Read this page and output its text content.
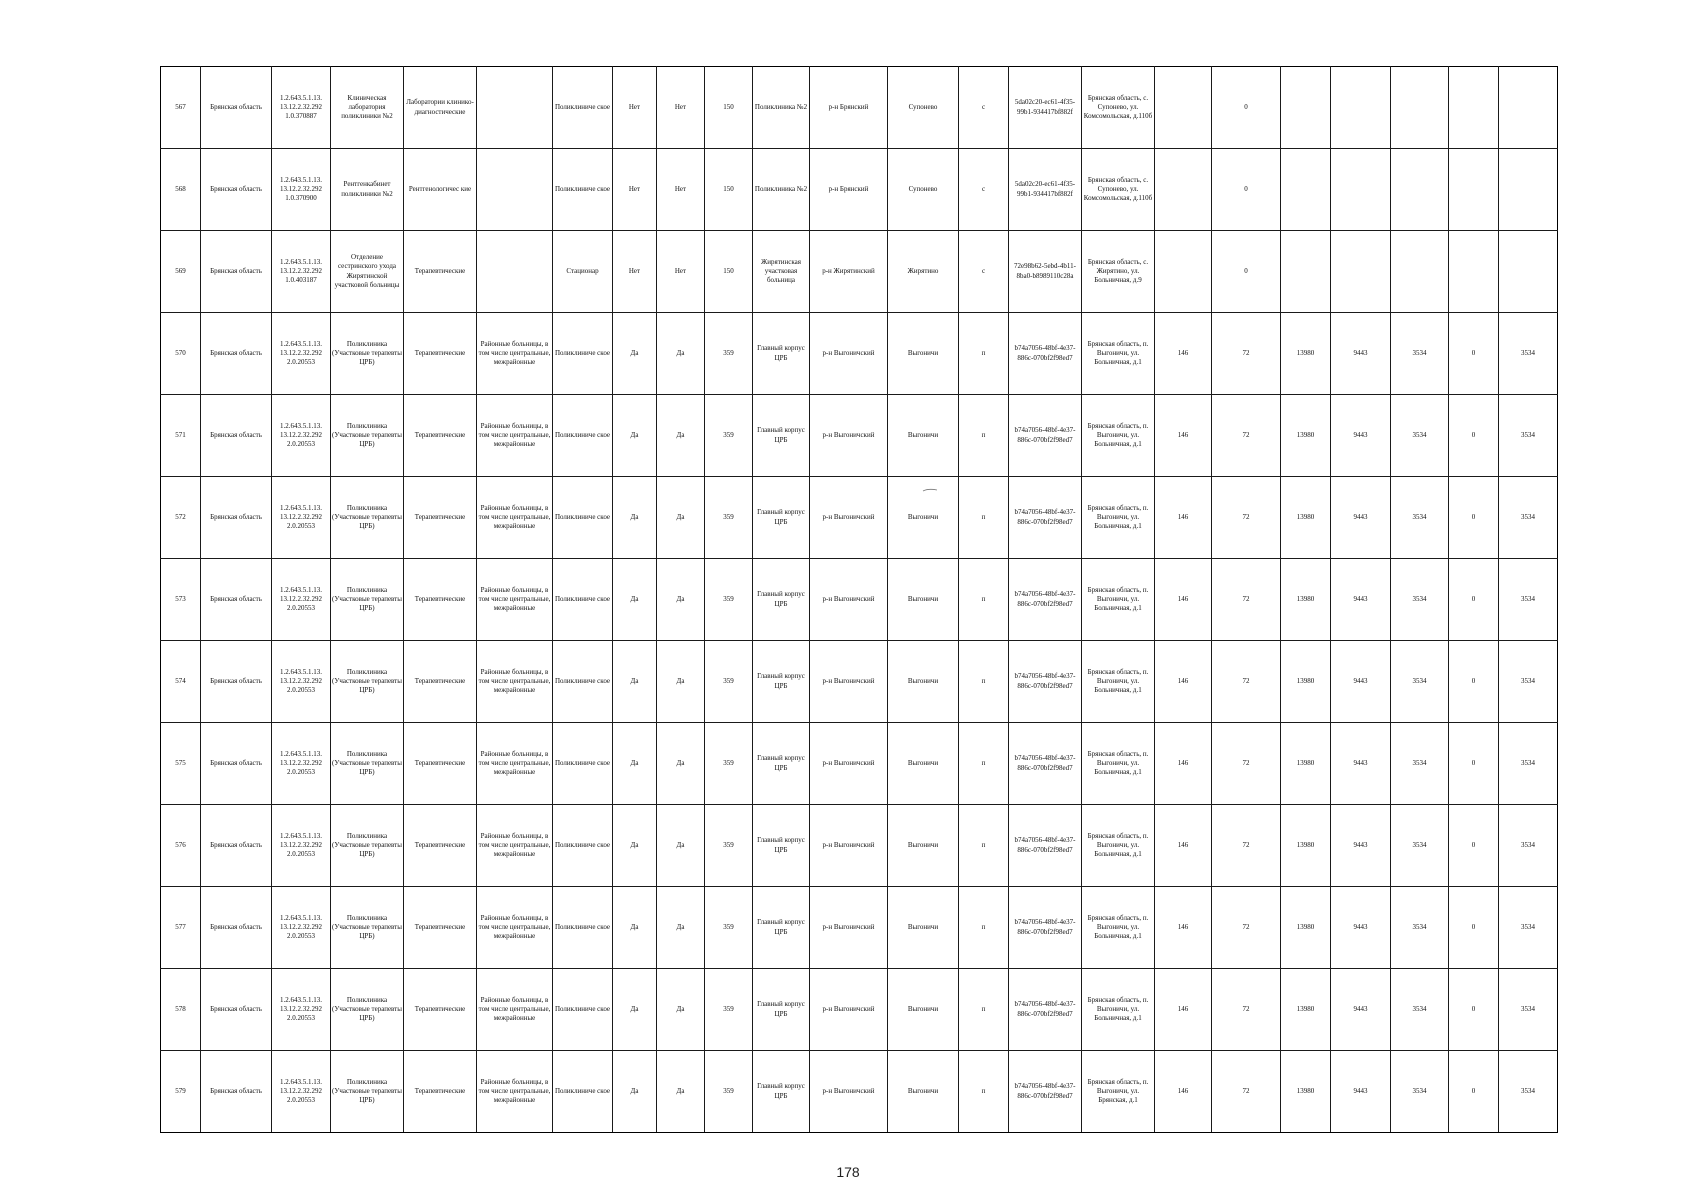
567	Брянская область	1.2.643.5.1.13. 13.12.2.32.292 1.0.370887	Клиническая лаборатория поликлиники №2	Лаборатории клинико-диагностические		Поликлиниче ское	Нет	Нет	150	Поликлиника №2	р-н Брянский	Супонево	с	5da02c20-ec61-4f35-99b1-934417bf882f	Брянская область, с. Супонево, ул. Комсомольская, д.110б		0						
568	Брянская область	1.2.643.5.1.13. 13.12.2.32.292 1.0.370900	Рентгенкабинет поликлиники №2	Рентгенологичес кие		Поликлиниче ское	Нет	Нет	150	Поликлиника №2	р-н Брянский	Супонево	с	5da02c20-ec61-4f35-99b1-934417bf882f	Брянская область, с. Супонево, ул. Комсомольская, д.110б		0						
569	Брянская область	1.2.643.5.1.13. 13.12.2.32.292 1.0.403187	Отделение сестринского ухода Жирятинской участковой больницы	Терапевтические		Стационар	Нет	Нет	150	Жирятинская участковая больница	р-н Жирятинский	Жирятино	с	72e98b62-5ebd-4b11-8ba0-b8989110c28a	Брянская область, с. Жирятино, ул. Больничная, д.9		0						
570	Брянская область	1.2.643.5.1.13. 13.12.2.32.292 2.0.20553	Поликлиника (Участковые терапевты ЦРБ)	Терапевтические	Районные больницы, в том числе центральные, межрайонные	Поликлиниче ское	Да	Да	359	Главный корпус ЦРБ	р-н Выгоничский	Выгоничи	п	b74a7056-48bf-4e37-886c-070bf2f98ed7	Брянская область, п. Выгоничи, ул. Больничная, д.1	146	72	13980	9443	3534	0	3534	
571	Брянская область	1.2.643.5.1.13. 13.12.2.32.292 2.0.20553	Поликлиника (Участковые терапевты ЦРБ)	Терапевтические	Районные больницы, в том числе центральные, межрайонные	Поликлиниче ское	Да	Да	359	Главный корпус ЦРБ	р-н Выгоничский	Выгоничи	п	b74a7056-48bf-4e37-886c-070bf2f98ed7	Брянская область, п. Выгоничи, ул. Больничная, д.1	146	72	13980	9443	3534	0	3534	
572	Брянская область	1.2.643.5.1.13. 13.12.2.32.292 2.0.20553	Поликлиника (Участковые терапевты ЦРБ)	Терапевтические	Районные больницы, в том числе центральные, межрайонные	Поликлиниче ское	Да	Да	359	Главный корпус ЦРБ	р-н Выгоничский	Выгоничи	п	b74a7056-48bf-4e37-886c-070bf2f98ed7	Брянская область, п. Выгоничи, ул. Больничная, д.1	146	72	13980	9443	3534	0	3534	
573	Брянская область	1.2.643.5.1.13. 13.12.2.32.292 2.0.20553	Поликлиника (Участковые терапевты ЦРБ)	Терапевтические	Районные больницы, в том числе центральные, межрайонные	Поликлиниче ское	Да	Да	359	Главный корпус ЦРБ	р-н Выгоничский	Выгоничи	п	b74a7056-48bf-4e37-886c-070bf2f98ed7	Брянская область, п. Выгоничи, ул. Больничная, д.1	146	72	13980	9443	3534	0	3534	
574	Брянская область	1.2.643.5.1.13. 13.12.2.32.292 2.0.20553	Поликлиника (Участковые терапевты ЦРБ)	Терапевтические	Районные больницы, в том числе центральные, межрайонные	Поликлиниче ское	Да	Да	359	Главный корпус ЦРБ	р-н Выгоничский	Выгоничи	п	b74a7056-48bf-4e37-886c-070bf2f98ed7	Брянская область, п. Выгоничи, ул. Больничная, д.1	146	72	13980	9443	3534	0	3534	
575	Брянская область	1.2.643.5.1.13. 13.12.2.32.292 2.0.20553	Поликлиника (Участковые терапевты ЦРБ)	Терапевтические	Районные больницы, в том числе центральные, межрайонные	Поликлиниче ское	Да	Да	359	Главный корпус ЦРБ	р-н Выгоничский	Выгоничи	п	b74a7056-48bf-4e37-886c-070bf2f98ed7	Брянская область, п. Выгоничи, ул. Больничная, д.1	146	72	13980	9443	3534	0	3534	
576	Брянская область	1.2.643.5.1.13. 13.12.2.32.292 2.0.20553	Поликлиника (Участковые терапевты ЦРБ)	Терапевтические	Районные больницы, в том числе центральные, межрайонные	Поликлиниче ское	Да	Да	359	Главный корпус ЦРБ	р-н Выгоничский	Выгоничи	п	b74a7056-48bf-4e37-886c-070bf2f98ed7	Брянская область, п. Выгоничи, ул. Больничная, д.1	146	72	13980	9443	3534	0	3534	
577	Брянская область	1.2.643.5.1.13. 13.12.2.32.292 2.0.20553	Поликлиника (Участковые терапевты ЦРБ)	Терапевтические	Районные больницы, в том числе центральные, межрайонные	Поликлиниче ское	Да	Да	359	Главный корпус ЦРБ	р-н Выгоничский	Выгоничи	п	b74a7056-48bf-4e37-886c-070bf2f98ed7	Брянская область, п. Выгоничи, ул. Больничная, д.1	146	72	13980	9443	3534	0	3534	
578	Брянская область	1.2.643.5.1.13. 13.12.2.32.292 2.0.20553	Поликлиника (Участковые терапевты ЦРБ)	Терапевтические	Районные больницы, в том числе центральные, межрайонные	Поликлиниче ское	Да	Да	359	Главный корпус ЦРБ	р-н Выгоничский	Выгоничи	п	b74a7056-48bf-4e37-886c-070bf2f98ed7	Брянская область, п. Выгоничи, ул. Больничная, д.1	146	72	13980	9443	3534	0	3534	
579	Брянская область	1.2.643.5.1.13. 13.12.2.32.292 2.0.20553	Поликлиника (Участковые терапевты ЦРБ)	Терапевтические	Районные больницы, в том числе центральные, межрайонные	Поликлиниче ское	Да	Да	359	Главный корпус ЦРБ	р-н Выгоничский	Выгоничи	п	b74a7056-48bf-4e37-886c-070bf2f98ed7	Брянская область, п. Выгоничи, ул. Брянская, д.1	146	72	13980	9443	3534	0	3534	
178
